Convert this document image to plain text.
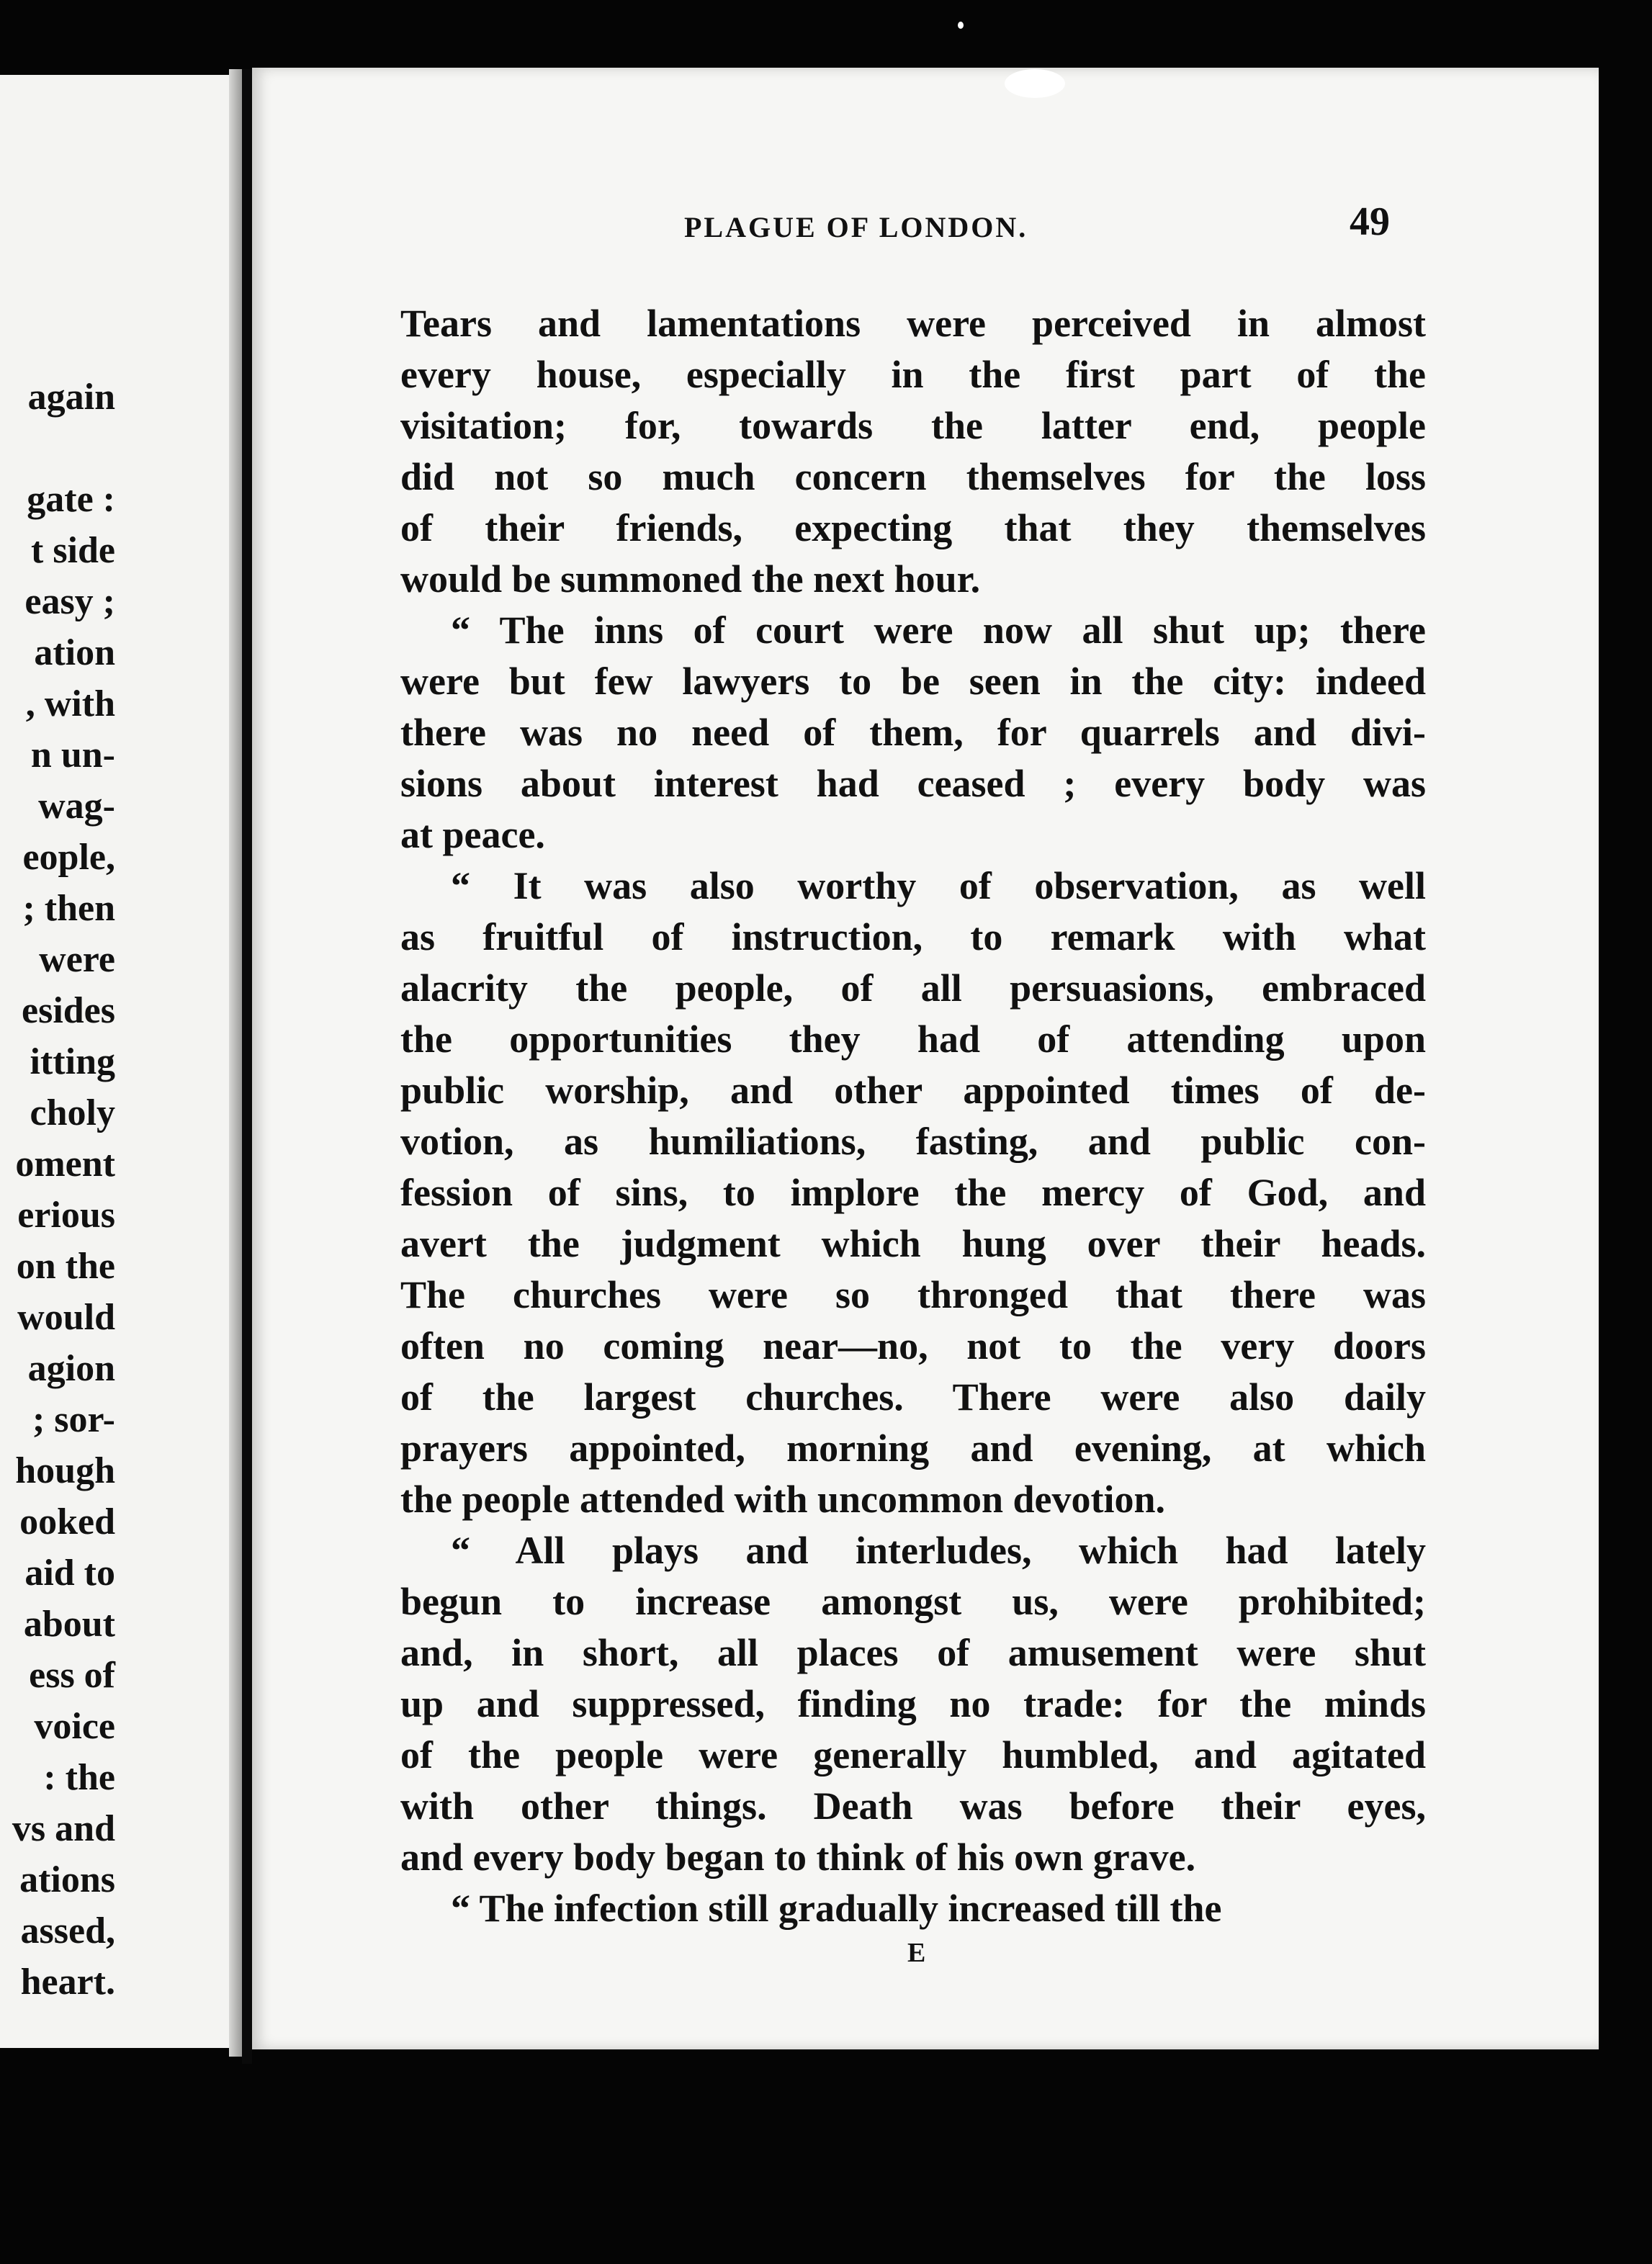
again

gate :
t side
easy ;
ation
, with
n un-
wag-
eople,
; then
were
esides
itting
choly
oment
erious
on the
would
agion
; sor-
hough
ooked
aid to
about
ess of
voice
: the
vs and
ations
assed,
heart.
PLAGUE OF LONDON.	49
Tears and lamentations were perceived in almost
every house, especially in the first part of the
visitation; for, towards the latter end, people
did not so much concern themselves for the loss
of their friends, expecting that they themselves
would be summoned the next hour.
“ The inns of court were now all shut up; there
were but few lawyers to be seen in the city: indeed
there was no need of them, for quarrels and divi-
sions about interest had ceased ; every body was
at peace.
“ It was also worthy of observation, as well
as fruitful of instruction, to remark with what
alacrity the people, of all persuasions, embraced
the opportunities they had of attending upon
public worship, and other appointed times of de-
votion, as humiliations, fasting, and public con-
fession of sins, to implore the mercy of God, and
avert the judgment which hung over their heads.
The churches were so thronged that there was
often no coming near—no, not to the very doors
of the largest churches. There were also daily
prayers appointed, morning and evening, at which
the people attended with uncommon devotion.
“ All plays and interludes, which had lately
begun to increase amongst us, were prohibited;
and, in short, all places of amusement were shut
up and suppressed, finding no trade: for the minds
of the people were generally humbled, and agitated
with other things. Death was before their eyes,
and every body began to think of his own grave.
“ The infection still gradually increased till the
E
